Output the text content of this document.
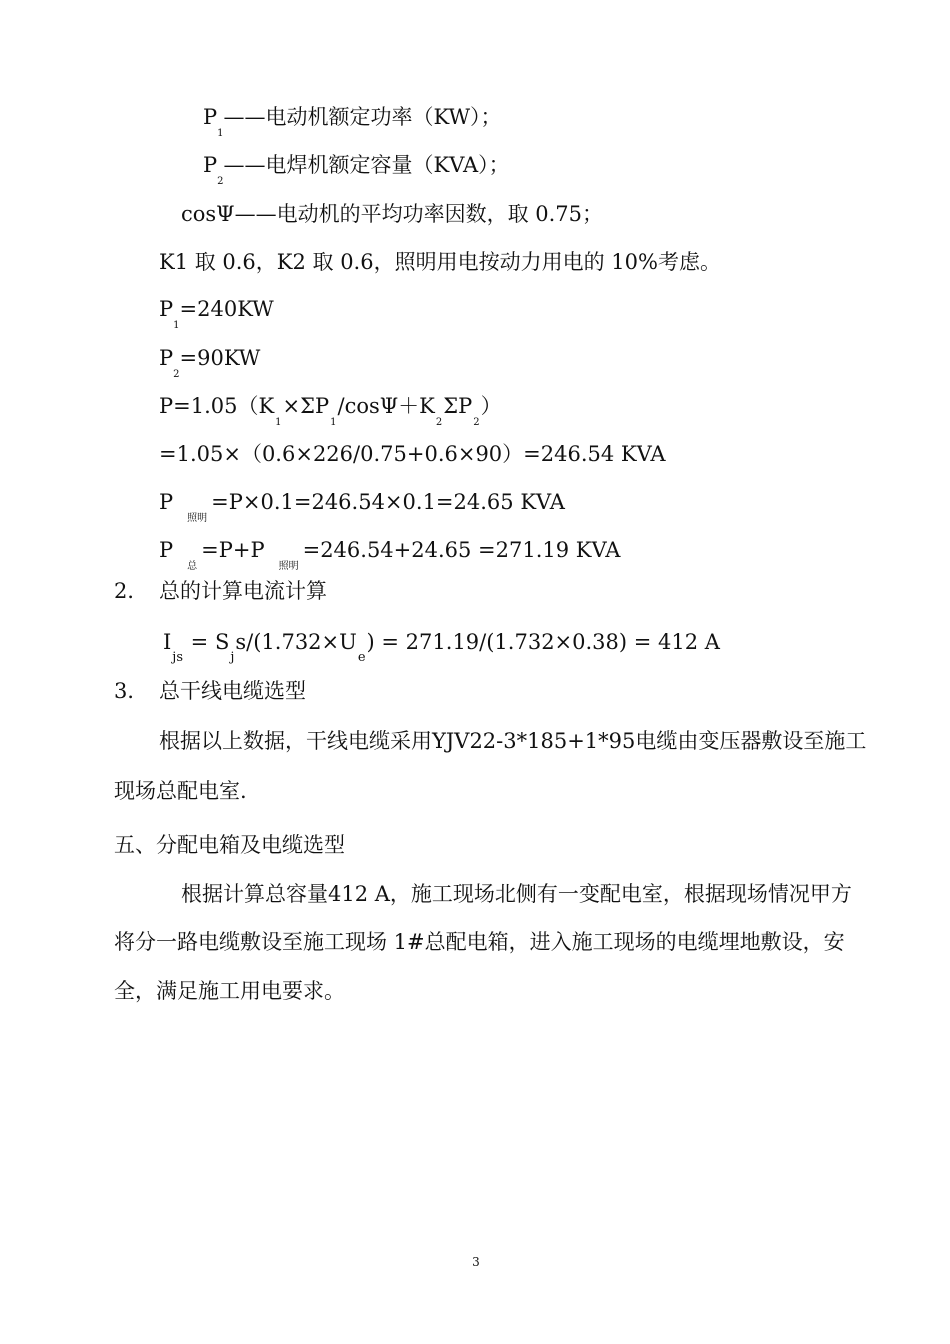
P1——电动机额定功率（KW）；
P2——电焊机额定容量（KVA）；
cosΨ——电动机的平均功率因数，取 0.75；
K1 取 0.6，K2 取 0.6，照明用电按动力用电的 10%考虑。
P1=240KW
P2=90KW
P=1.05（K1×ΣP1/cosΨ＋K2ΣP2）
=1.05×（0.6×226/0.75+0.6×90）=246.54 KVA
P照明=P×0.1=246.54×0.1=24.65 KVA
P总=P+P照明=246.54+24.65 =271.19 KVA
2． 总的计算电流计算
Ijs = Sjs/(1.732×Ue) = 271.19/(1.732×0.38) = 412 A
3． 总干线电缆选型
根据以上数据，干线电缆采用YJV22-3*185+1*95电缆由变压器敷设至施工
现场总配电室.
五、分配电箱及电缆选型
根据计算总容量412 A，施工现场北侧有一变配电室，根据现场情况甲方
将分一路电缆敷设至施工现场 1#总配电箱，进入施工现场的电缆埋地敷设，安
全，满足施工用电要求。
3
